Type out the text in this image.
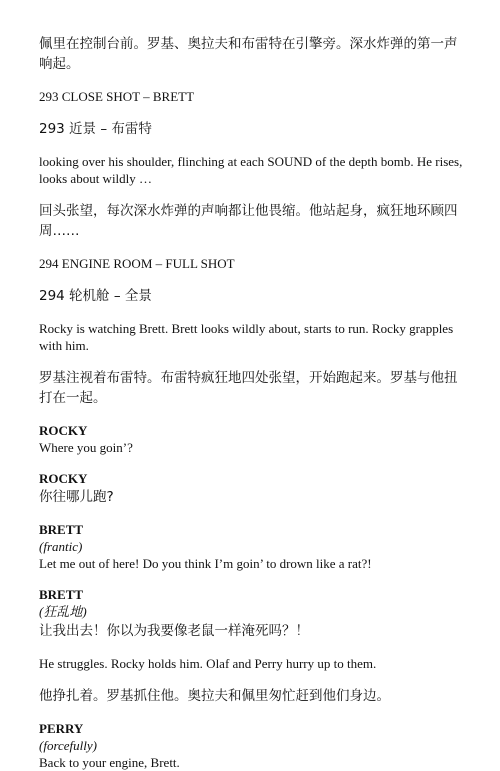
佩里在控制台前。罗基、奥拉夫和布雷特在引擎旁。深水炸弹的第一声响起。

293 CLOSE SHOT – BRETT

293 近景 – 布雷特

looking over his shoulder, flinching at each SOUND of the depth bomb. He rises, looks about wildly …

回头张望，每次深水炸弹的声响都让他畏缩。他站起身，疯狂地环顾四周……

294 ENGINE ROOM – FULL SHOT

294 轮机舱 – 全景

Rocky is watching Brett. Brett looks wildly about, starts to run. Rocky grapples with him.

罗基注视着布雷特。布雷特疯狂地四处张望，开始跑起来。罗基与他扭打在一起。

ROCKY

Where you goin’?

ROCKY

你往哪儿跑?

BRETT

(frantic)

Let me out of here! Do you think I’m goin’ to drown like a rat?!

BRETT

(狂乱地)

让我出去！你以为我要像老鼠一样淹死吗？！

He struggles. Rocky holds him. Olaf and Perry hurry up to them.

他挣扎着。罗基抓住他。奥拉夫和佩里匆忙赶到他们身边。

PERRY

(forcefully)

Back to your engine, Brett.
